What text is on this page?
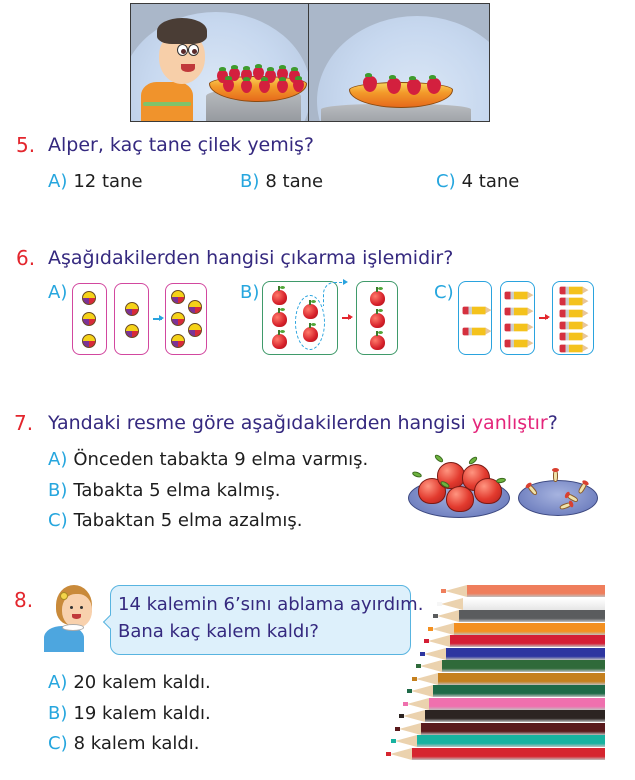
5. Alper, kaç tane çilek yemiş?
A) 12 tane	B) 8 tane	C) 4 tane
6. Aşağıdakilerden hangisi çıkarma işlemidir?
A)	B)	C)
7. Yandaki resme göre aşağıdakilerden hangisi yanlıştır?
A) Önceden tabakta 9 elma varmış.
B) Tabakta 5 elma kalmış.
C) Tabaktan 5 elma azalmış.
8.	14 kalemin 6’sını ablama ayırdım.
Bana kaç kalem kaldı?
A) 20 kalem kaldı.
B) 19 kalem kaldı.
C) 8 kalem kaldı.
